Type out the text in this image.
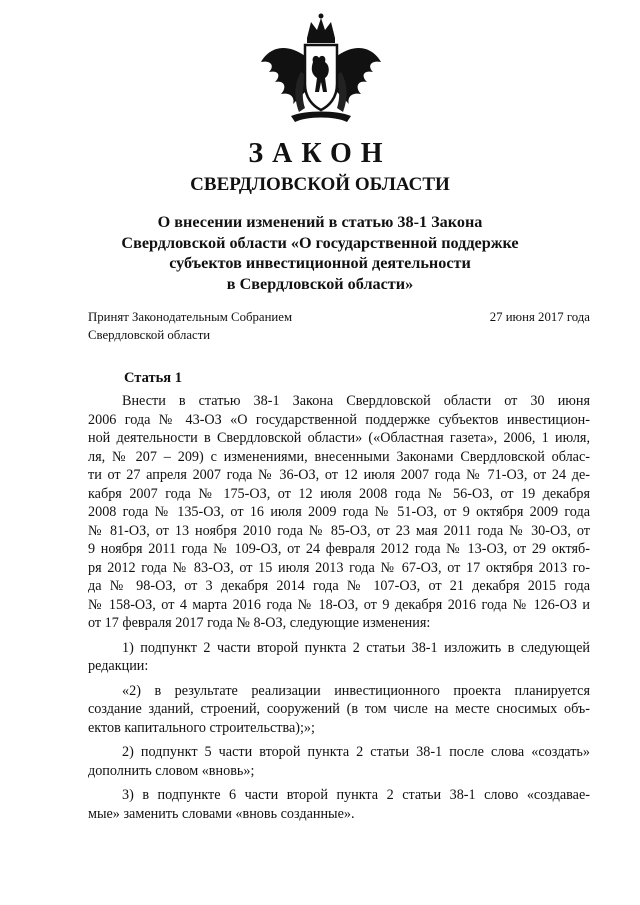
ЗАКОН
СВЕРДЛОВСКОЙ ОБЛАСТИ
О внесении изменений в статью 38-1 Закона
Свердловской области «О государственной поддержке
субъектов инвестиционной деятельности
в Свердловской области»
Принят Законодательным Собранием
Свердловской области
27 июня 2017 года
Статья 1

Внести в статью 38-1 Закона Свердловской области от 30 июня
2006 года № 43-ОЗ «О государственной поддержке субъектов инвестицион-
ной деятельности в Свердловской области» («Областная газета», 2006, 1 июля,
ля, № 207 – 209) с изменениями, внесенными Законами Свердловской облас-
ти от 27 апреля 2007 года № 36-ОЗ, от 12 июля 2007 года № 71-ОЗ, от 24 де-
кабря 2007 года № 175-ОЗ, от 12 июля 2008 года № 56-ОЗ, от 19 декабря
2008 года № 135-ОЗ, от 16 июля 2009 года № 51-ОЗ, от 9 октября 2009 года
№ 81-ОЗ, от 13 ноября 2010 года № 85-ОЗ, от 23 мая 2011 года № 30-ОЗ, от
9 ноября 2011 года № 109-ОЗ, от 24 февраля 2012 года № 13-ОЗ, от 29 октяб-
ря 2012 года № 83-ОЗ, от 15 июля 2013 года № 67-ОЗ, от 17 октября 2013 го-
да № 98-ОЗ, от 3 декабря 2014 года № 107-ОЗ, от 21 декабря 2015 года
№ 158-ОЗ, от 4 марта 2016 года № 18-ОЗ, от 9 декабря 2016 года № 126-ОЗ и
от 17 февраля 2017 года № 8-ОЗ, следующие изменения:

1) подпункт 2 части второй пункта 2 статьи 38-1 изложить в следующей
редакции:

«2) в результате реализации инвестиционного проекта планируется
создание зданий, строений, сооружений (в том числе на месте сносимых объ-
ектов капитального строительства);»;

2) подпункт 5 части второй пункта 2 статьи 38-1 после слова «создать»
дополнить словом «вновь»;

3) в подпункте 6 части второй пункта 2 статьи 38-1 слово «создавае-
мые» заменить словами «вновь созданные».
